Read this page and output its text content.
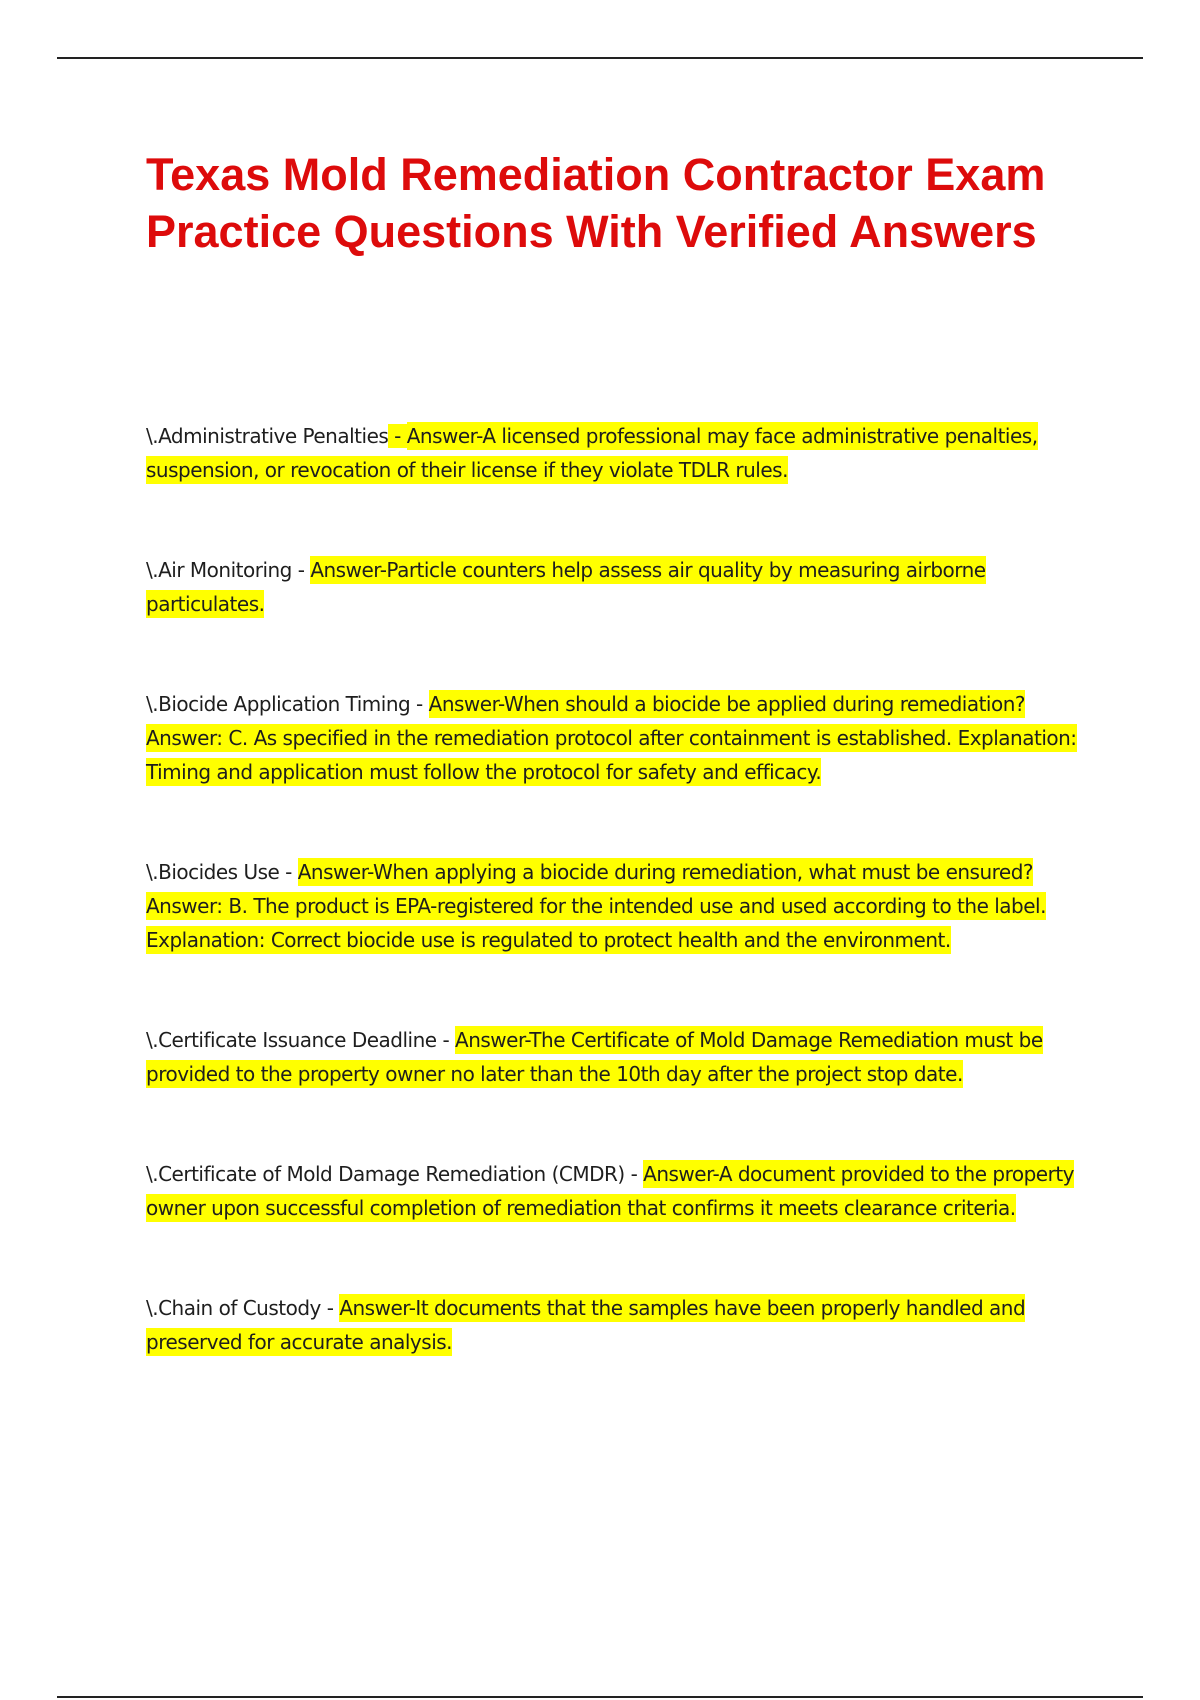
Texas Mold Remediation Contractor Exam Practice Questions With Verified Answers

\.Administrative Penalties - Answer-A licensed professional may face administrative penalties, suspension, or revocation of their license if they violate TDLR rules.

\.Air Monitoring - Answer-Particle counters help assess air quality by measuring airborne particulates.

\.Biocide Application Timing - Answer-When should a biocide be applied during remediation? Answer: C. As specified in the remediation protocol after containment is established. Explanation: Timing and application must follow the protocol for safety and efficacy.

\.Biocides Use - Answer-When applying a biocide during remediation, what must be ensured? Answer: B. The product is EPA-registered for the intended use and used according to the label. Explanation: Correct biocide use is regulated to protect health and the environment.

\.Certificate Issuance Deadline - Answer-The Certificate of Mold Damage Remediation must be provided to the property owner no later than the 10th day after the project stop date.

\.Certificate of Mold Damage Remediation (CMDR) - Answer-A document provided to the property owner upon successful completion of remediation that confirms it meets clearance criteria.

\.Chain of Custody - Answer-It documents that the samples have been properly handled and preserved for accurate analysis.
